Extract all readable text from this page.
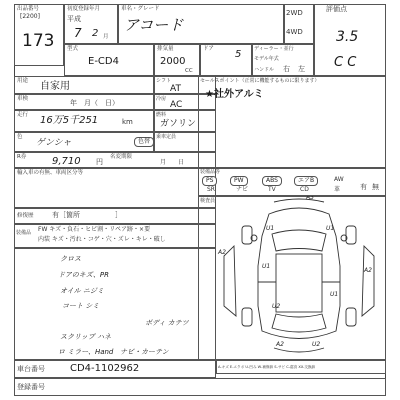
出品番号
[2200]
173
初度登録年月
平成
7 2 月
車名・グレード
アコード
2WD
4WD
評価点
3.5
C C
型式
E-CD4
排気量
2000
CC
ドア 5	ディーラー・並行
モデル年式
ハンドル 右 左
用途 自家用
車検	年　月（　日）
走行 16万5千251	km
色
ゲンシャ	色替
R券	9,710 円
名変期限
月　　日
輸入車の有無、車両区分等
修復歴	有［箇所　　　　　］
装備品 FW キズ・負石・ヒビ割・リペア跡・×要
内装 キズ・汚れ・コゲ・穴・ズレ・キレ・破し
クロス
ドアのキズ、PR
オイル ニジミ
コート シミ
ボディ カテツ
スクリップ ハネ
ロ ミラー、Hand ナビ・カーテン
シフト
AT
冷房
AC
燃料
ガソリン
乗車定員
セールスポイント（正常に機能するものに限ります）
★社外アルミ
装備品等
PS	PW	ABS	エアB	AW
SR	ナビ	TV	CD	革	有 無
検査員	A3
U1	U1
U1
U1
U2
A2
A2
A2	U2
A-キズ E-エクボ U-凹み W-補修跡 S-サビ C-腐食 XX-交換跡
車台番号	CD4-1102962
登録番号
